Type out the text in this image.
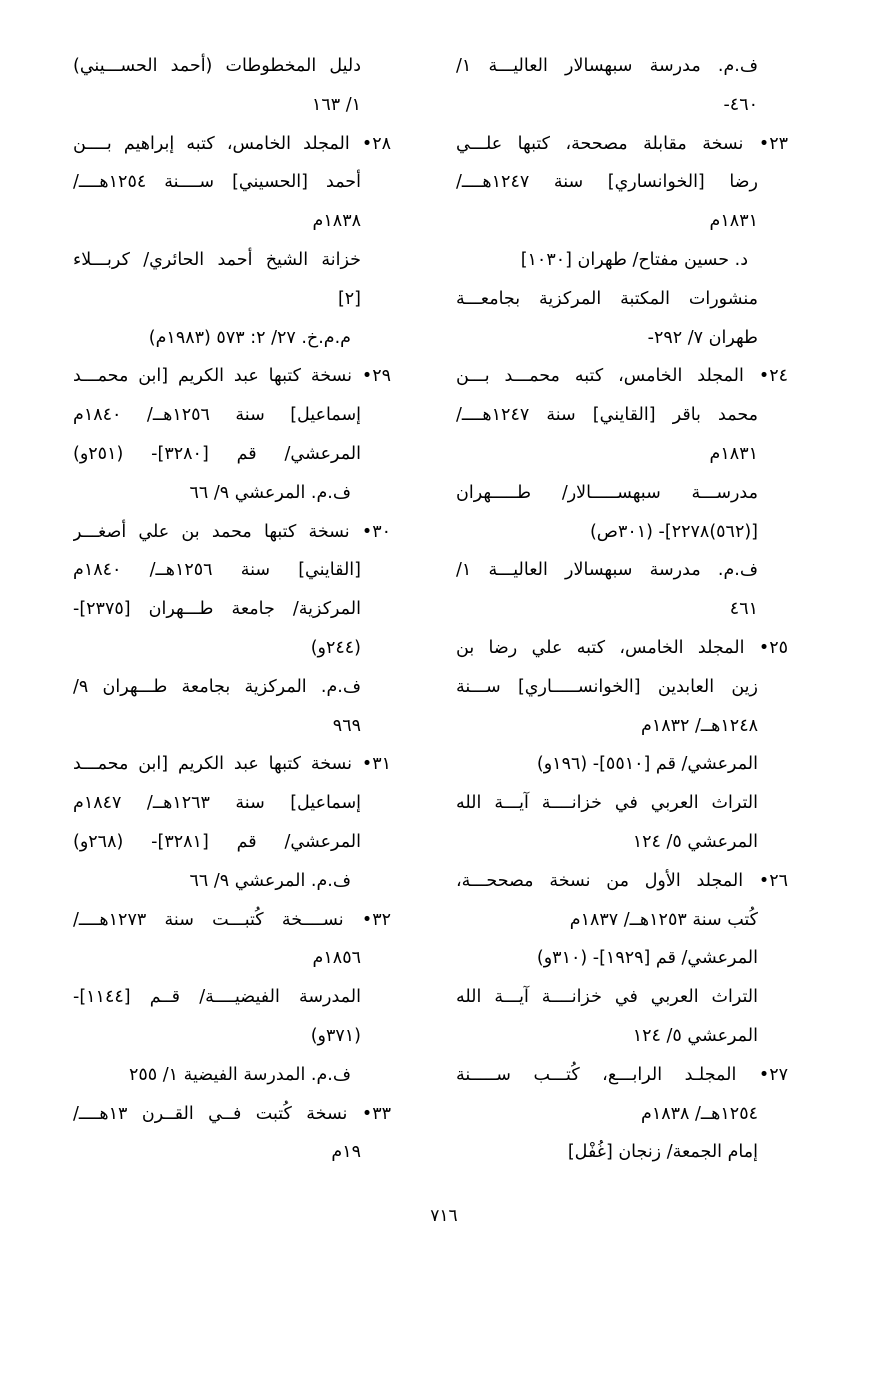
ف.م. مدرسة سبهسالار العاليـــة ١/
٤٦٠-
٢٣• نسخة مقابلة مصححة، كتبها علـــي
رضا [الخوانساري] سنة ١٢٤٧هــــ/
١٨٣١م
د. حسين مفتاح/ طهران [١٠٣٠]
منشورات المكتبة المركزية بجامعـــة
طهران ٧/ ٢٩٢-
٢٤• المجلد الخامس، كتبه محمـــد بـــن
محمد باقر [القايني] سنة ١٢٤٧هــــ/
١٨٣١م
مدرســـة سبهســـــالار/ طـــــهران
[(٥٦٢)٢٢٧٨]- (٣٠١ص)
ف.م. مدرسة سبهسالار العاليـــة ١/
٤٦١
٢٥• المجلد الخامس، كتبه علي رضا بن
زين العابدين [الخوانســـــاري] ســـنة
١٢٤٨هــ/ ١٨٣٢م
المرعشي/ قم [٥٥١٠]- (١٩٦و)
التراث العربي في خزانــــة آيـــة الله
المرعشي ٥/ ١٢٤
٢٦• المجلد الأول من نسخة مصححـــة،
كُتب سنة ١٢٥٣هــ/ ١٨٣٧م
المرعشي/ قم [١٩٢٩]- (٣١٠و)
التراث العربي في خزانــــة آيـــة الله
المرعشي ٥/ ١٢٤
٢٧• المجلـد الرابـــع، كُتـــب ســـــنة
١٢٥٤هــ/ ١٨٣٨م
إمام الجمعة/ زنجان [غُفْل]
دليل المخطوطات (أحمد الحســـيني)
١/ ١٦٣
٢٨• المجلد الخامس، كتبه إبراهيم بــــن
أحمد [الحسيني] ســــنة ١٢٥٤هــــ/
١٨٣٨م
خزانة الشيخ أحمد الحائري/ كربـــلاء
[٢]
م.م.خ. ٢٧/ ٢: ٥٧٣ (١٩٨٣م)
٢٩• نسخة كتبها عبد الكريم [ابن محمـــد
إسماعيل] سنة ١٢٥٦هــ/ ١٨٤٠م
المرعشي/ قم [٣٢٨٠]- (٢٥١و)
ف.م. المرعشي ٩/ ٦٦
٣٠• نسخة كتبها محمد بن علي أصغـــر
[القايني] سنة ١٢٥٦هــ/ ١٨٤٠م
المركزية/ جامعة طـــهران [٢٣٧٥]-
(٢٤٤و)
ف.م. المركزية بجامعة طـــهران ٩/
٩٦٩
٣١• نسخة كتبها عبد الكريم [ابن محمـــد
إسماعيل] سنة ١٢٦٣هــ/ ١٨٤٧م
المرعشي/ قم [٣٢٨١]- (٢٦٨و)
ف.م. المرعشي ٩/ ٦٦
٣٢• نســــخة كُتبـــت سنة ١٢٧٣هــــ/
١٨٥٦م
المدرسة الفيضيــــة/ قــم [١١٤٤]-
(٣٧١و)
ف.م. المدرسة الفيضية ١/ ٢٥٥
٣٣• نسخة كُتبت فــي القــرن ١٣هــــ/
١٩م
٧١٦
